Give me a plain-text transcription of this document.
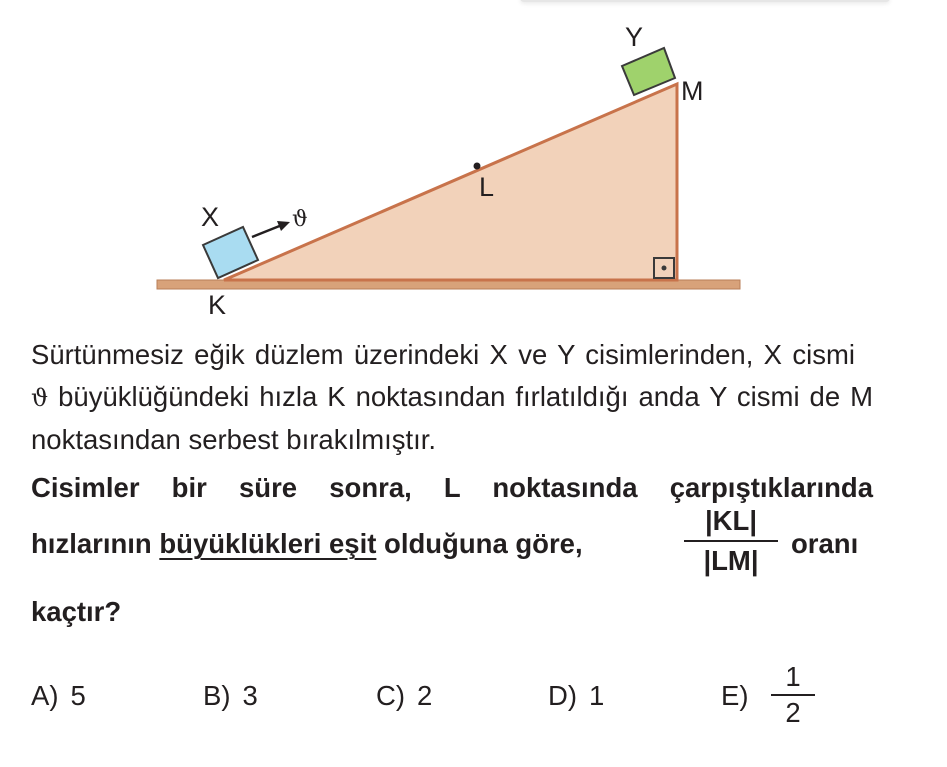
X	ϑ
K
L
Y
M

Sürtünmesiz eğik düzlem üzerindeki X ve Y cisimlerinden, X cismi ϑ büyüklüğündeki hızla K noktasından fırlatıldığı anda Y cismi de M noktasından serbest bırakılmıştır.

Cisimler bir süre sonra, L noktasında çarpıştıklarında
hızlarının büyüklükleri eşit olduğuna göre,
|KL|
|LM|
oranı
kaçtır?
A) 5	B) 3	C) 2	D) 1	E)
1
2
